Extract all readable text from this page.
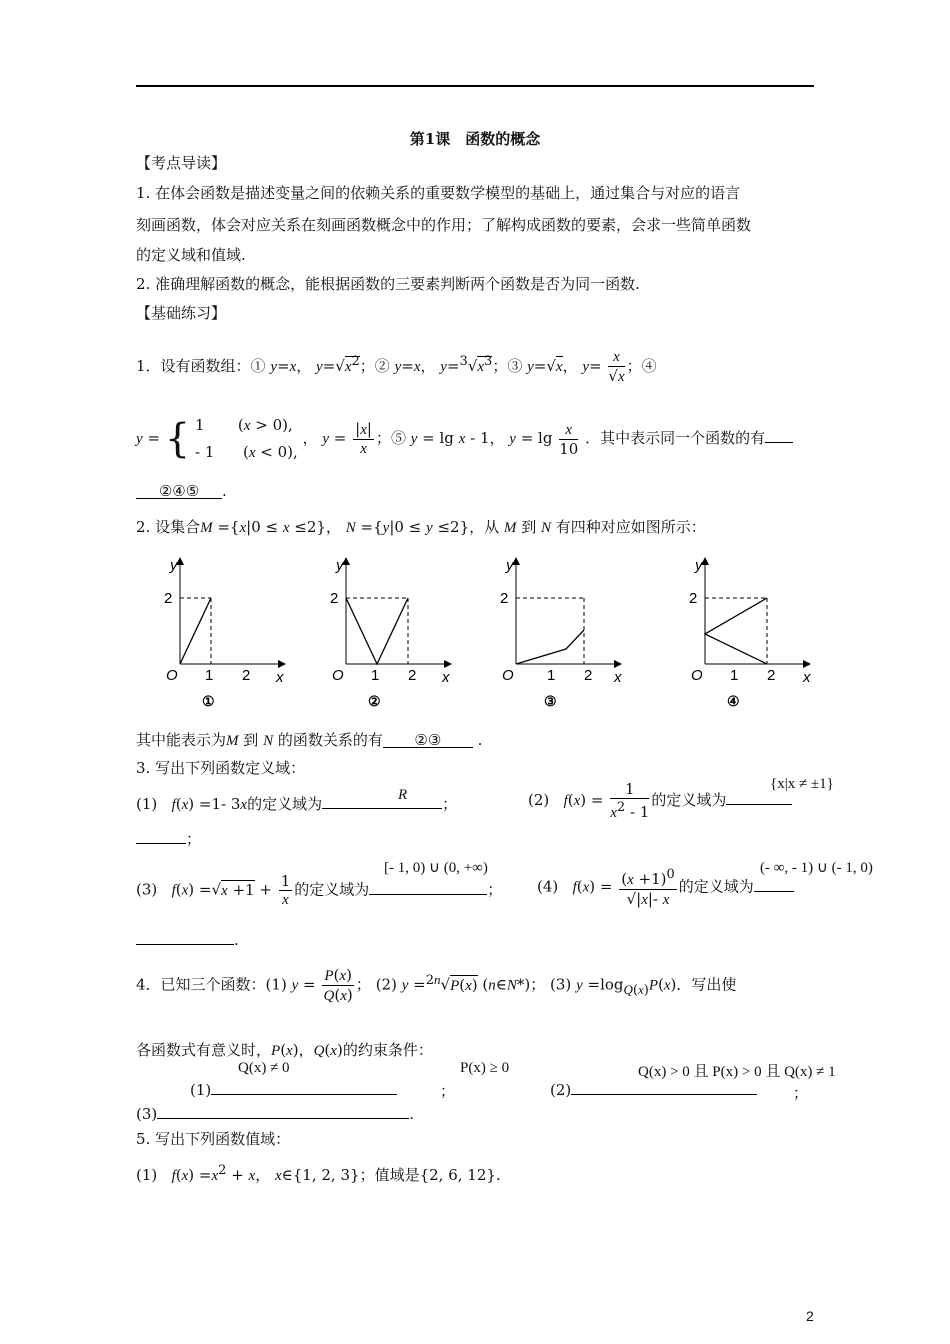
第1课　函数的概念
【考点导读】
1. 在体会函数是描述变量之间的依赖关系的重要数学模型的基础上，通过集合与对应的语言
刻画函数，体会对应关系在刻画函数概念中的作用；了解构成函数的要素，会求一些简单函数
的定义域和值域.
2. 准确理解函数的概念，能根据函数的三要素判断两个函数是否为同一函数.
【基础练习】
1．设有函数组：① y=x， $y=√x^2$；② y=x， $y=^3√x^3$；③ y=√x， $y= \frac{x}{√x}$ ；④
y = { 1       (x > 0),
- 1      (x < 0), ， $y = \frac{|x|}{x}$ ；⑤ y = lg x - 1， $y = \lg \frac{x}{10}$ ．其中表示同一个函数的有
②④⑤ .
2. 设集合M ={x|0 ≤ x ≤2}， N ={y|0 ≤ y ≤2}，从 M 到 N 有四种对应如图所示：
y
2
O 1 2 x
①
y
2
O 1 2 x
②
y
2
O 1 2 x
③
y
2
O 1 2 x
④
其中能表示为M 到 N 的函数关系的有 ②③ .
3. 写出下列函数定义域：
(1) f(x) =1- 3x的定义域为	；
R	(2) $f(x) = \frac{1}{x^2 - 1}$ 的定义域为
{x|x ≠ ±1}
；
(3) $f(x) =√x +1 + \frac{1}{x}$ 的定义域为	；
[- 1, 0) ∪ (0, +∞)
(4) $f(x) = \frac{(x +1)^0}{√|x|- x}$ 的定义域为
(- ∞, - 1) ∪ (- 1, 0)
.
4．已知三个函数：(1) $y = \frac{P(x)}{Q(x)}$ ； (2) y =$^{2n}$√P(x) (n∈N*)； (3) $y =\log_{Q(x)}P(x)$．写出使
各函数式有意义时，P(x)，Q(x)的约束条件：
(1)
Q(x) ≠ 0
；
P(x) ≥ 0
(2)
Q(x) > 0 且 P(x) > 0 且 Q(x) ≠ 1
；
(3)	.
5. 写出下列函数值域：
(1) $f(x) =x^2 + x$， x∈{1, 2, 3}；值域是{2, 6, 12}.
2
